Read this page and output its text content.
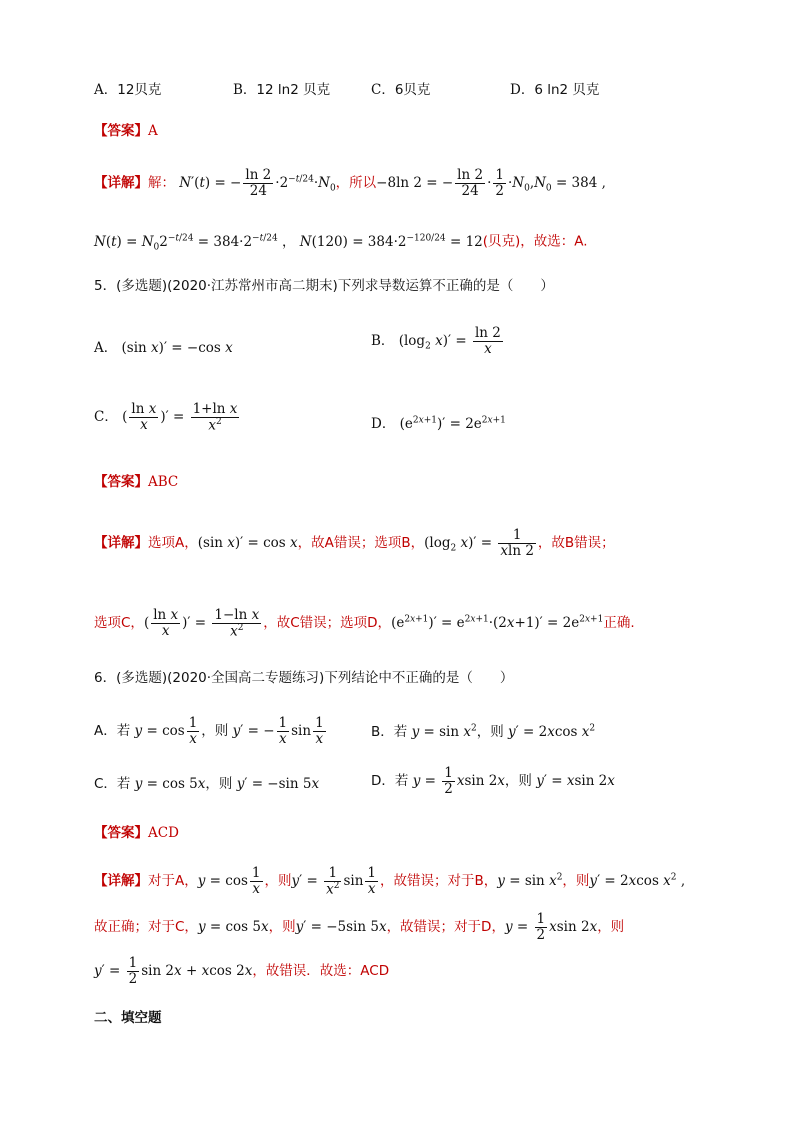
A．12贝克	B．12 ln2 贝克	C．6贝克	D．6 ln2 贝克
【答案】A
【详解】解： N′(t) = − $\frac{\ln 2}{24} \cdot 2^{-t/24}\cdot N_0$，所以−8ln 2 = − $\frac{\ln 2}{24} \cdot \frac{1}{2} \cdot N_0,N_0 = 384$ ,
$N(t) = N_02^{-t/24} = 384\cdot 2^{-t/24}$ ， $N(120) = 384\cdot 2^{-120/24} = 12$(贝克)，故选：A.
5．(多选题)(2020·江苏常州市高二期末)下列求导数运算不正确的是（　　）
A． (sin x)′ = −cos x	B． ($\log_2$ $x)' = \frac{\ln 2}{x}$
C． ( $\frac{\text{ln x}}{x}$ )′ = $\frac{\text{1+ln x}}{x^2}$	D． $(e^{2x+1})' = 2e^{2x+1}$
【答案】ABC
【详解】选项A，(sin x)′ = cos x，故A错误；选项B，($\log_2$ $x)' = \frac{1}{xln 2}$ ，故B错误；
选项C，( $\frac{\text{ln x}}{x}$ )′ = $\frac{\text{1−ln x}}{x^2}$ ，故C错误；选项D，$(e^{2x+1})' = e^{2x+1}\cdot(2x+1)' = 2e^{2x+1}$正确.
6．(多选题)(2020·全国高二专题练习)下列结论中不正确的是（　　）
A．若 $y = \cos \frac{1}{x}$ ，则 y′ = − $\frac{1}{x}$ $\sin \frac{1}{x}$	B．若 $y = \sin x^2$，则 y′ = 2xcos $x^2$
C．若 y = cos 5x，则 y′ = −sin 5x	D．若 $y = \frac{1}{2}$ xsin 2x，则 y′ = xsin 2x
【答案】ACD
【详解】对于A，$y = \cos \frac{1}{x}$ ，则$y' = \frac{1}{x^2}$ $\sin \frac{1}{x}$ ，故错误；对于B，$y = \sin x^2$，则y′ = 2xcos $x^2$ ,
故正确；对于C，y = cos 5x，则y′ = −5sin 5x，故错误；对于D，$y = \frac{1}{2}$ xsin 2x，则
$y' = \frac{1}{2}$ sin 2x + xcos 2x，故错误．故选：ACD
二、填空题
